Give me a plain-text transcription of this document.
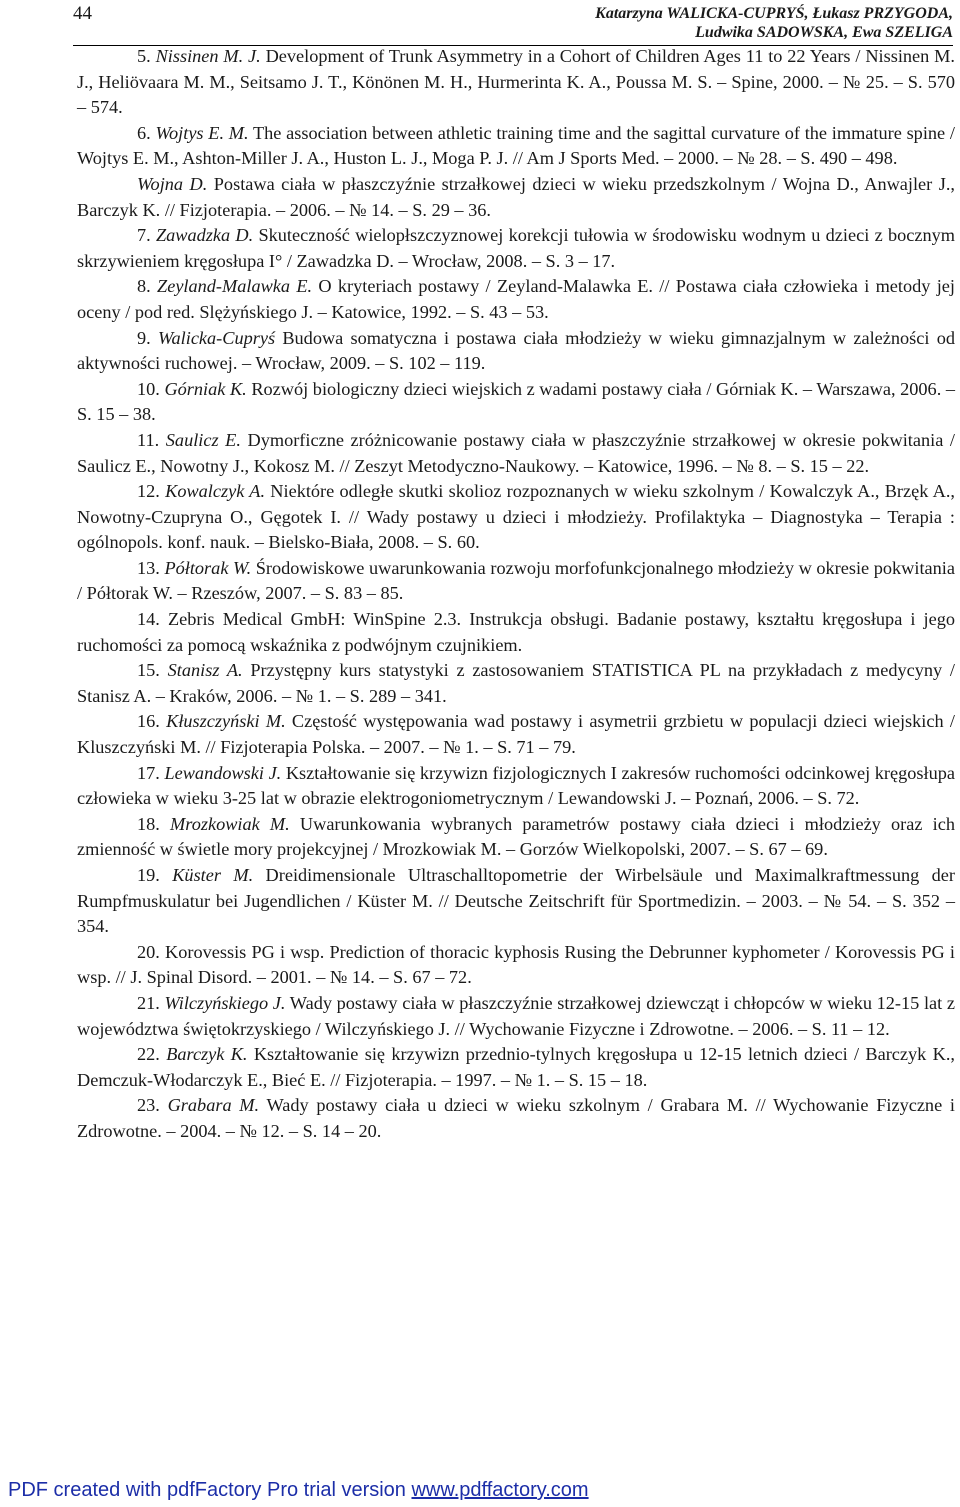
44	Katarzyna WALICKA-CUPRYŚ, Łukasz PRZYGODA,
Ludwika SADOWSKA, Ewa SZELIGA

5. Nissinen M. J. Development of Trunk Asymmetry in a Cohort of Children Ages 11 to 22 Years / Nissinen M. J., Heliövaara M. M., Seitsamo J. T., Könönen M. H., Hurmerinta K. A., Poussa M. S. – Spine, 2000. – № 25. – S. 570 – 574.

6. Wojtys E. M. The association between athletic training time and the sagittal curvature of the immature spine / Wojtys E. M., Ashton-Miller J. A., Huston L. J., Moga P. J. // Am J Sports Med. – 2000. – № 28. – S. 490 – 498.

Wojna D. Postawa ciała w płaszczyźnie strzałkowej dzieci w wieku przedszkolnym / Wojna D., Anwajler J., Barczyk K. // Fizjoterapia. – 2006. – № 14. – S. 29 – 36.

7. Zawadzka D. Skuteczność wielopłszczyznowej korekcji tułowia w środowisku wodnym u dzieci z bocznym skrzywieniem kręgosłupa I° / Zawadzka D. – Wrocław, 2008. – S. 3 – 17.

8. Zeyland-Malawka E. O kryteriach postawy / Zeyland-Malawka E. // Postawa ciała człowieka i metody jej oceny / pod red. Slężyńskiego J. – Katowice, 1992. – S. 43 – 53.

9. Walicka-Cupryś Budowa somatyczna i postawa ciała młodzieży w wieku gimnazjalnym w zależności od aktywności ruchowej. – Wrocław, 2009. – S. 102 – 119.

10. Górniak K. Rozwój biologiczny dzieci wiejskich z wadami postawy ciała / Górniak K. – Warszawa, 2006. – S. 15 – 38.

11. Saulicz E. Dymorficzne zróżnicowanie postawy ciała w płaszczyźnie strzałkowej w okresie pokwitania / Saulicz E., Nowotny J., Kokosz M. // Zeszyt Metodyczno-Naukowy. – Katowice, 1996. – № 8. – S. 15 – 22.

12. Kowalczyk A. Niektóre odległe skutki skolioz rozpoznanych w wieku szkolnym / Kowalczyk A., Brzęk A., Nowotny-Czupryna O., Gęgotek I. // Wady postawy u dzieci i młodzieży. Profilaktyka – Diagnostyka – Terapia : ogólnopols. konf. nauk. – Bielsko-Biała, 2008. – S. 60.

13. Półtorak W. Środowiskowe uwarunkowania rozwoju morfofunkcjonalnego młodzieży w okresie pokwitania / Półtorak W. – Rzeszów, 2007. – S. 83 – 85.

14. Zebris Medical GmbH: WinSpine 2.3. Instrukcja obsługi. Badanie postawy, kształtu kręgosłupa i jego ruchomości za pomocą wskaźnika z podwójnym czujnikiem.

15. Stanisz A. Przystępny kurs statystyki z zastosowaniem STATISTICA PL na przykładach z medycyny / Stanisz A. – Kraków, 2006. – № 1. – S. 289 – 341.

16. Kłuszczyński M. Częstość występowania wad postawy i asymetrii grzbietu w populacji dzieci wiejskich / Kluszczyński M. // Fizjoterapia Polska. – 2007. – № 1. – S. 71 – 79.

17. Lewandowski J. Kształtowanie się krzywizn fizjologicznych I zakresów ruchomości odcinkowej kręgosłupa człowieka w wieku 3-25 lat w obrazie elektrogoniometrycznym / Lewandowski J. – Poznań, 2006. – S. 72.

18. Mrozkowiak M. Uwarunkowania wybranych parametrów postawy ciała dzieci i młodzieży oraz ich zmienność w świetle mory projekcyjnej / Mrozkowiak M. – Gorzów Wielkopolski, 2007. – S. 67 – 69.

19. Küster M. Dreidimensionale Ultraschalltopometrie der Wirbelsäule und Maximalkraftmessung der Rumpfmuskulatur bei Jugendlichen / Küster M. // Deutsche Zeitschrift für Sportmedizin. – 2003. – № 54. – S. 352 – 354.

20. Korovessis PG i wsp. Prediction of thoracic kyphosis Rusing the Debrunner kyphometer / Korovessis PG i wsp. // J. Spinal Disord. – 2001. – № 14. – S. 67 – 72.

21. Wilczyńskiego J. Wady postawy ciała w płaszczyźnie strzałkowej dziewcząt i chłopców w wieku 12-15 lat z województwa świętokrzyskiego / Wilczyńskiego J. // Wychowanie Fizyczne i Zdrowotne. – 2006. – S. 11 – 12.

22. Barczyk K. Kształtowanie się krzywizn przednio-tylnych kręgosłupa u 12-15 letnich dzieci / Barczyk K., Demczuk-Włodarczyk E., Bieć E. // Fizjoterapia. – 1997. – № 1. – S. 15 – 18.

23. Grabara M. Wady postawy ciała u dzieci w wieku szkolnym / Grabara M. // Wychowanie Fizyczne i Zdrowotne. – 2004. – № 12. – S. 14 – 20.

PDF created with pdfFactory Pro trial version www.pdffactory.com
